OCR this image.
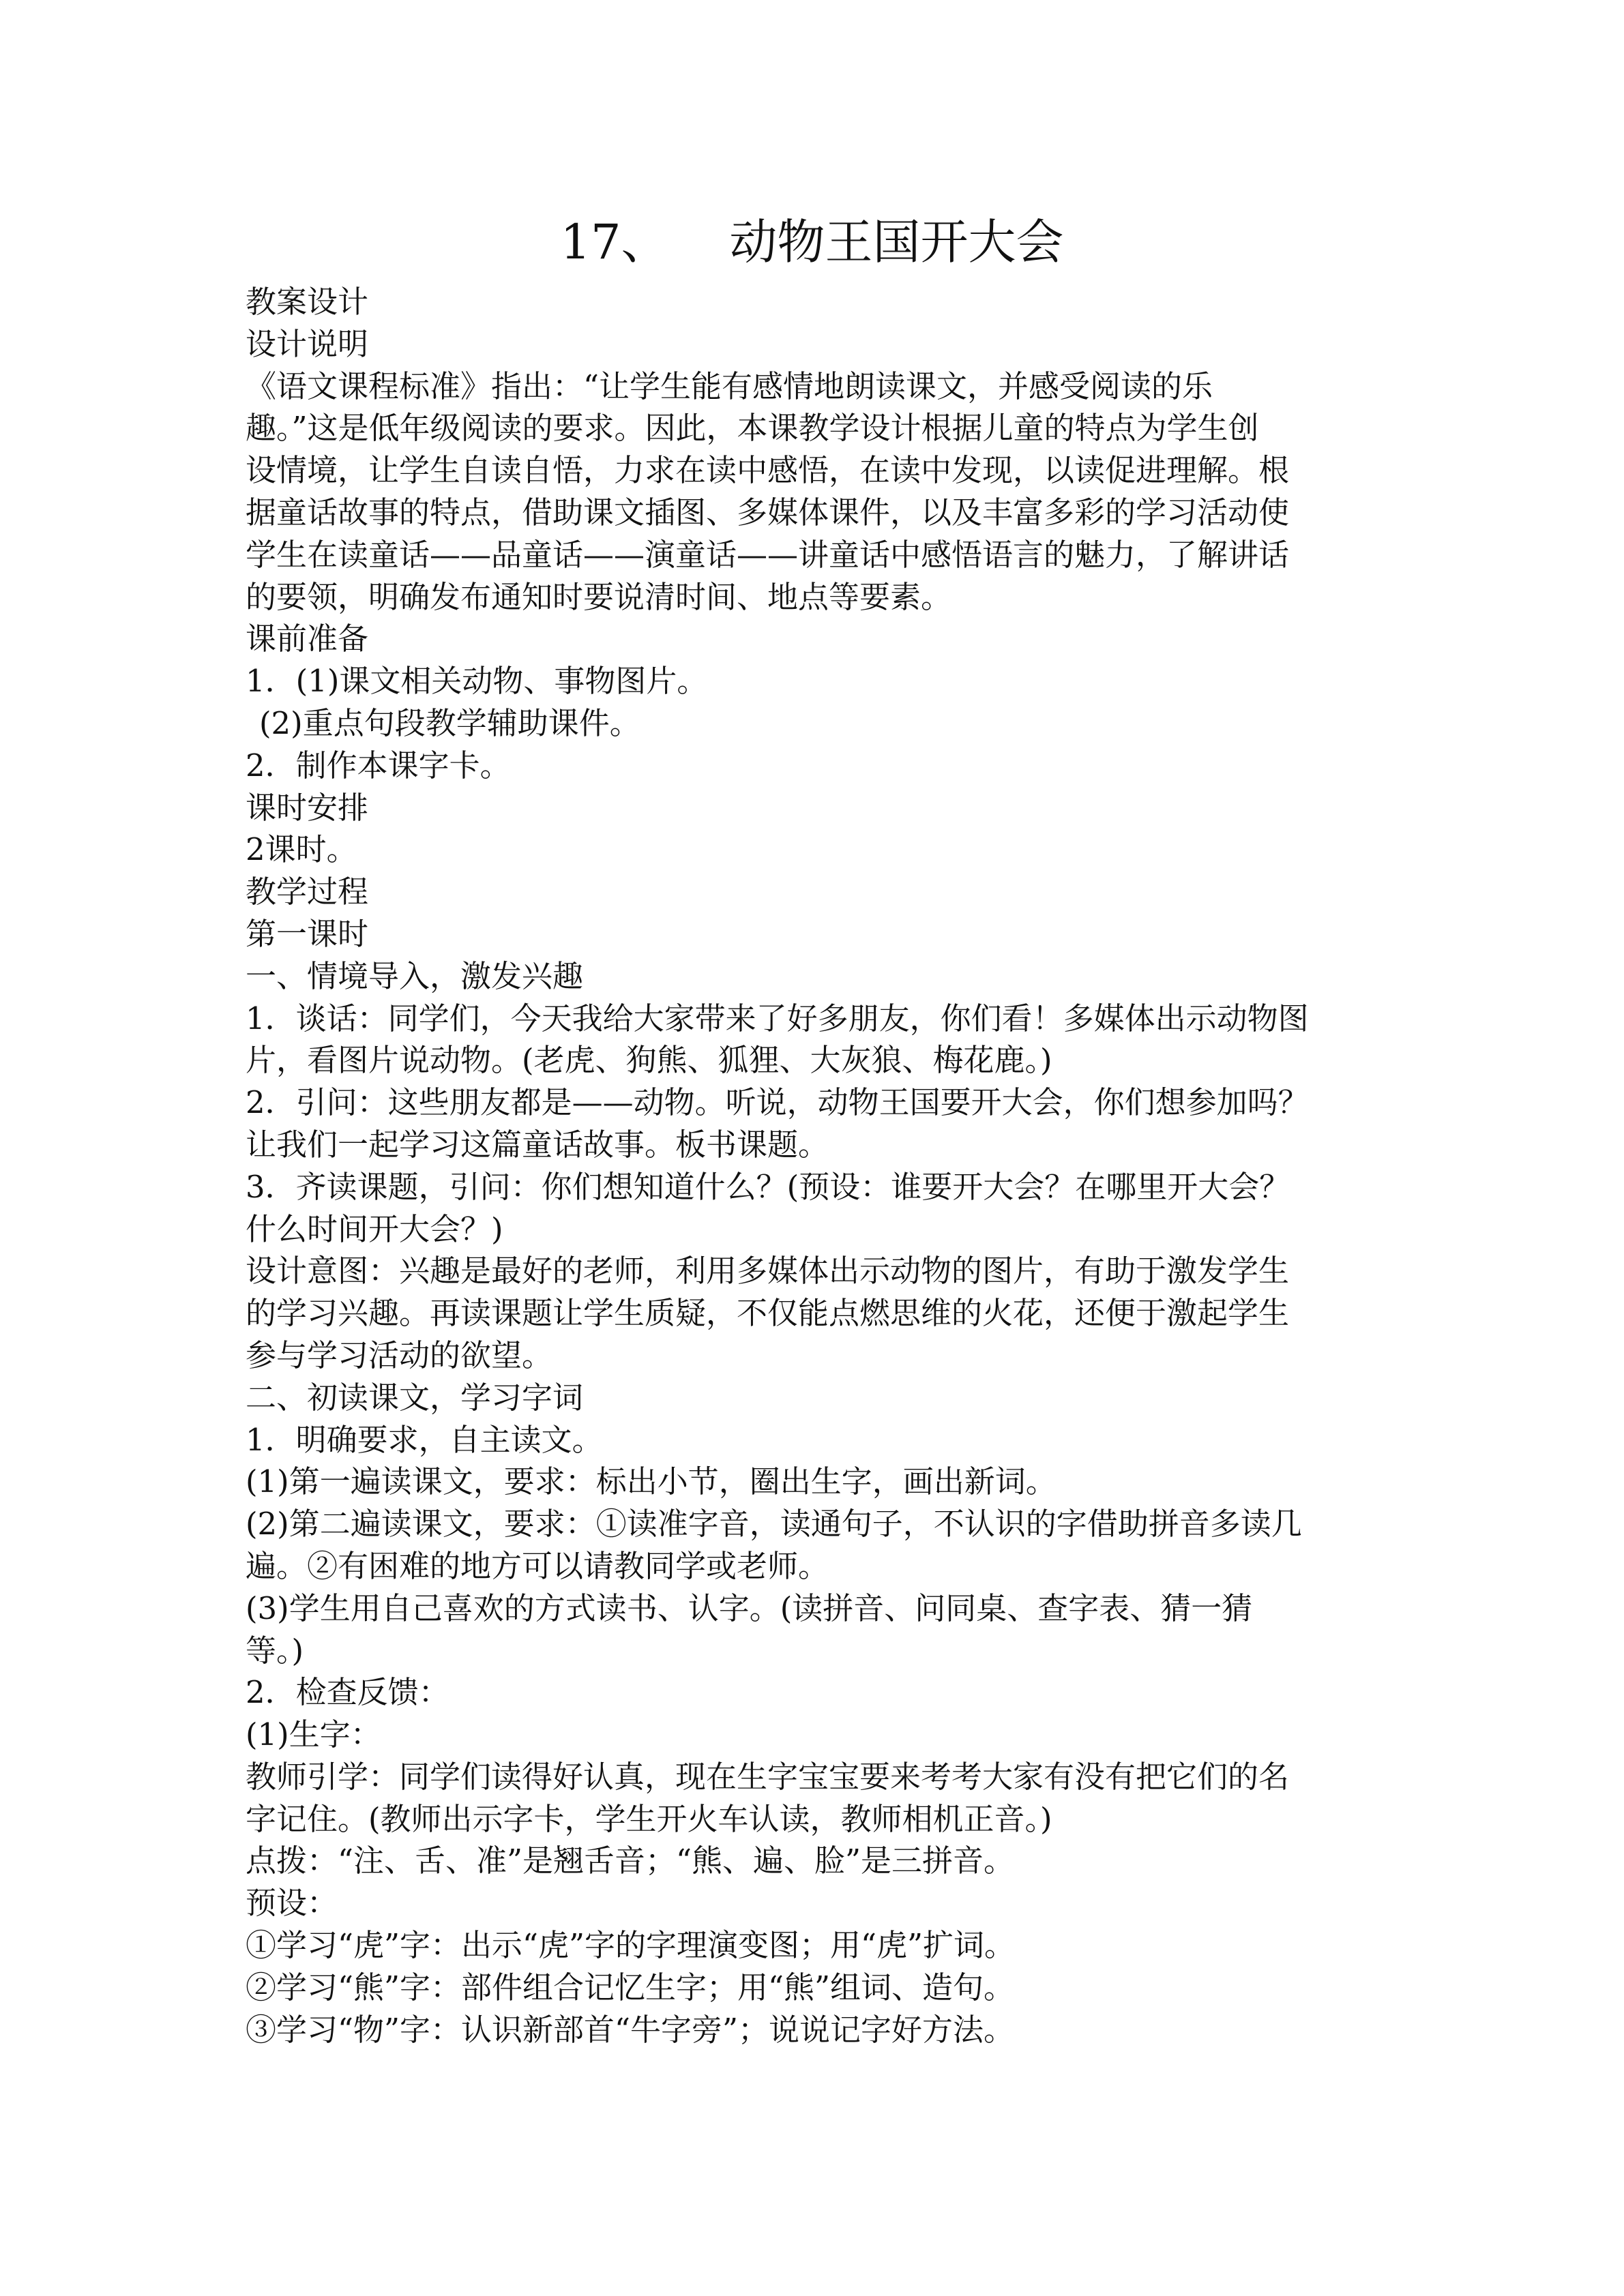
17、    动物王国开大会
教案设计
设计说明
《语文课程标准》指出：“让学生能有感情地朗读课文，并感受阅读的乐
趣。”这是低年级阅读的要求。因此，本课教学设计根据儿童的特点为学生创
设情境，让学生自读自悟，力求在读中感悟，在读中发现，以读促进理解。根
据童话故事的特点，借助课文插图、多媒体课件，以及丰富多彩的学习活动使
学生在读童话——品童话——演童话——讲童话中感悟语言的魅力，了解讲话
的要领，明确发布通知时要说清时间、地点等要素。
课前准备
1．(1)课文相关动物、事物图片。
(2)重点句段教学辅助课件。
2．制作本课字卡。
课时安排
2课时。
教学过程
第一课时
一、情境导入，激发兴趣
1．谈话：同学们，今天我给大家带来了好多朋友，你们看！多媒体出示动物图
片，看图片说动物。(老虎、狗熊、狐狸、大灰狼、梅花鹿。)
2．引问：这些朋友都是——动物。听说，动物王国要开大会，你们想参加吗？
让我们一起学习这篇童话故事。板书课题。
3．齐读课题，引问：你们想知道什么？(预设：谁要开大会？在哪里开大会？
什么时间开大会？)
设计意图：兴趣是最好的老师，利用多媒体出示动物的图片，有助于激发学生
的学习兴趣。再读课题让学生质疑，不仅能点燃思维的火花，还便于激起学生
参与学习活动的欲望。
二、初读课文，学习字词
1．明确要求，自主读文。
(1)第一遍读课文，要求：标出小节，圈出生字，画出新词。
(2)第二遍读课文，要求：①读准字音，读通句子，不认识的字借助拼音多读几
遍。②有困难的地方可以请教同学或老师。
(3)学生用自己喜欢的方式读书、认字。(读拼音、问同桌、查字表、猜一猜
等。)
2．检查反馈：
(1)生字：
教师引学：同学们读得好认真，现在生字宝宝要来考考大家有没有把它们的名
字记住。(教师出示字卡，学生开火车认读，教师相机正音。)
点拨：“注、舌、准”是翘舌音；“熊、遍、脸”是三拼音。
预设：
①学习“虎”字：出示“虎”字的字理演变图；用“虎”扩词。
②学习“熊”字：部件组合记忆生字；用“熊”组词、造句。
③学习“物”字：认识新部首“牛字旁”；说说记字好方法。
